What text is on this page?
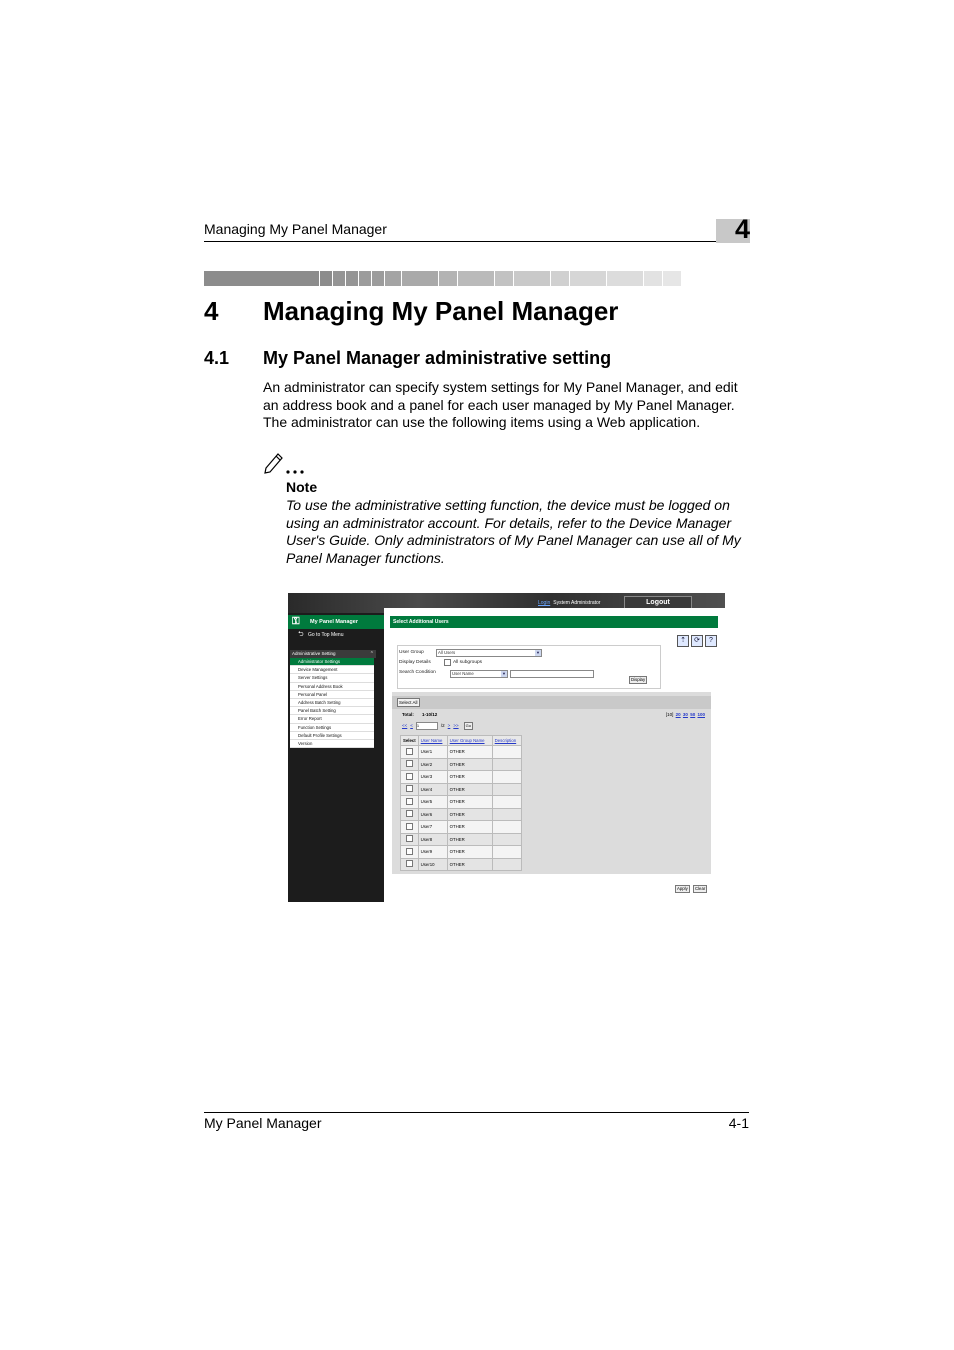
Managing My Panel Manager	4
4 Managing My Panel Manager
4.1 My Panel Manager administrative setting
An administrator can specify system settings for My Panel Manager, and edit an address book and a panel for each user managed by My Panel Manager. The administrator can use the following items using a Web application.
Note
To use the administrative setting function, the device must be logged on using an administrator account. For details, refer to the Device Manager User's Guide. Only administrators of My Panel Manager can use all of My Panel Manager functions.
Login System Administrator	Logout
⚿	My Panel Manager
⮌ Go to Top Menu
Administrative Setting	⌃
Administrator Settings
Device Management
Server Settings
Personal Address Book
Personal Panel
Address Batch Setting
Panel Batch Setting
Error Report
Function Settings
Default Profile Settings
Version
Select Additional Users
⇡ ⟳ ?
User Group	All Users	▼
Display Details	All subgroups
Search Condition	User Name	▼
Display
Select All
Total: 1-10/12	[10] 20 30 50 100
<< < 1	/2 > >> Go
Select	User Name	User Group Name	Description
	User1	OTHER	
	User2	OTHER	
	User3	OTHER	
	User4	OTHER	
	User5	OTHER	
	User6	OTHER	
	User7	OTHER	
	User8	OTHER	
	User9	OTHER	
	User10	OTHER	
Apply	Clear
My Panel Manager	4-1
